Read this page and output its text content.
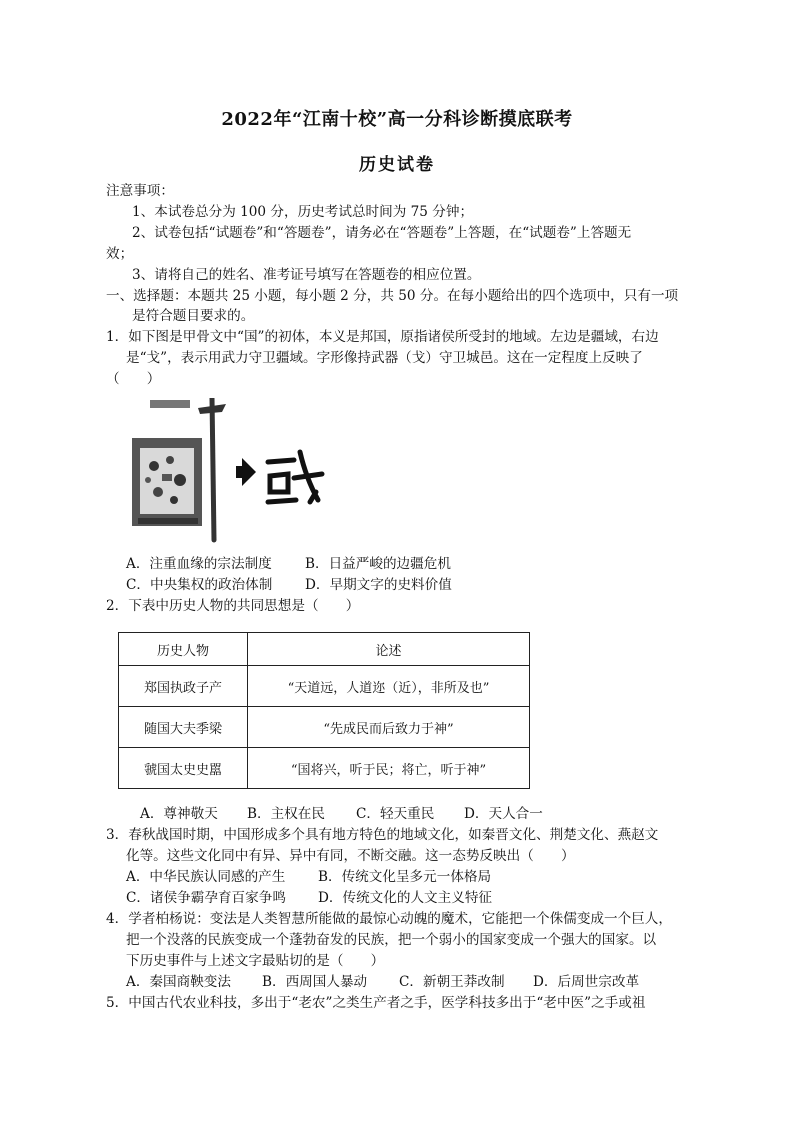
2022年“江南十校”高一分科诊断摸底联考
历史试卷
注意事项：
1、本试卷总分为 100 分，历史考试总时间为 75 分钟；
2、试卷包括“试题卷”和“答题卷”，请务必在“答题卷”上答题，在“试题卷”上答题无
效；
3、请将自己的姓名、准考证号填写在答题卷的相应位置。
一、选择题：本题共 25 小题，每小题 2 分，共 50 分。在每小题给出的四个选项中，只有一项
是符合题目要求的。
1．如下图是甲骨文中“国”的初体，本义是邦国，原指诸侯所受封的地域。左边是疆域，右边
是“戈”，表示用武力守卫疆域。字形像持武器（戈）守卫城邑。这在一定程度上反映了
（　　）
A．注重血缘的宗法制度 B．日益严峻的边疆危机
C．中央集权的政治体制 D．早期文字的史料价值
2．下表中历史人物的共同思想是（　　）
历史人物	论述
郑国执政子产	“天道远，人道迩（近），非所及也”
随国大夫季梁	“先成民而后致力于神”
虢国太史史嚚	“国将兴，听于民；将亡，听于神”
A．尊神敬天 B．主权在民 C．轻天重民 D．天人合一
3．春秋战国时期，中国形成多个具有地方特色的地域文化，如秦晋文化、荆楚文化、燕赵文
化等。这些文化同中有异、异中有同，不断交融。这一态势反映出（　　）
A．中华民族认同感的产生 B．传统文化呈多元一体格局
C．诸侯争霸孕育百家争鸣 D．传统文化的人文主义特征
4．学者柏杨说：变法是人类智慧所能做的最惊心动魄的魔术，它能把一个侏儒变成一个巨人，
把一个没落的民族变成一个蓬勃奋发的民族，把一个弱小的国家变成一个强大的国家。以
下历史事件与上述文字最贴切的是（　　）
A．秦国商鞅变法 B．西周国人暴动 C．新朝王莽改制 D．后周世宗改革
5．中国古代农业科技，多出于“老农”之类生产者之手，医学科技多出于“老中医”之手或祖
